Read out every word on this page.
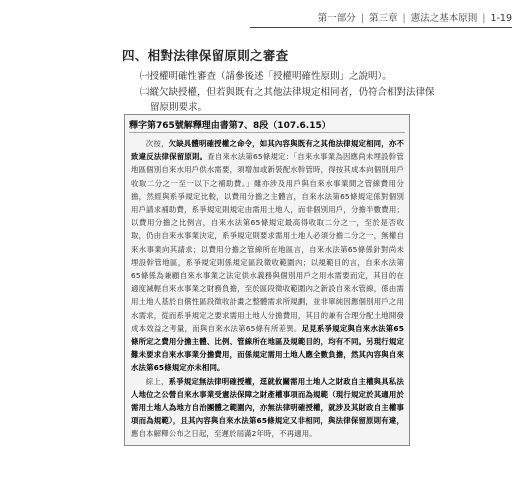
第一部分 | 第三章 | 憲法之基本原則 | 1-19
四、相對法律保留原則之審查
㈠授權明確性審查（請參後述「授權明確性原則」之說明）。
㈡縱欠缺授權，但若與既有之其他法律規定相同者，仍符合相對法律保
留原則要求。
釋字第765號解釋理由書第7、8段（107.6.15）

次按，欠缺具體明確授權之命令，如其內容與既有之其他法律規定相同，亦不致違反法律保留原則。查自來水法第65條規定：「自來水事業為因應尚未埋設幹管地區個別自來水用戶供水需要，須增加或新裝配水幹管時，得按其成本向個別用戶收取二分之一至一以下之補助費。」雖亦涉及用戶與自來水事業間之管線費用分擔，然經與系爭規定比較，以費用分擔之主體言，自來水法第65條規定係對個別用戶請求補助費，系爭規定則規定由需用土地人，而非個別用戶，分擔半數費用；以費用分擔之比例言，自來水法第65條規定最高得收取二分之一，至於是否收取，仍由自來水事業決定，系爭規定則要求需用土地人必須分擔二分之一，無權自來水事業向其請求；以費用分擔之管線所在地區言，自來水法第65條係針對尚未埋設幹管地區，系爭規定則係規定區段徵收範圍內；以規範目的言，自來水法第65條係為兼顧自來水事業之法定供水義務與個別用戶之用水需要而定，其目的在適度減輕自來水事業之財務負擔，至於區段徵收範圍內之新設自來水管線，係由需用土地人基於自償性區段徵收計畫之整體需求所規劃，並非單純因應個別用戶之用水需求，從而系爭規定之要求需用土地人分擔費用，其目的兼有合理分配土地開發成本效益之考量，而與自來水法第65條有所差異。足見系爭規定與自來水法第65條所定之費用分擔主體、比例、管線所在地區及規範目的，均有不同。另現行規定難未要求自來水事業分擔費用，而係規定需用土地人應全數負擔，然其內容與自來水法第65條規定亦未相同。

綜上，系爭規定無法律明確授權，逕就攸關需用土地人之財政自主權與具私法人地位之公營自來水事業受憲法保障之財產權事項而為規範（現行規定於其適用於需用土地人為地方自治團體之範圍內，亦無法律明確授權，就涉及其財政自主權事項而為規範），且其內容與自來水法第65條規定又非相同，與法律保留原則有違，應自本解釋公布之日起，至遲於屆滿2年時，不再適用。
